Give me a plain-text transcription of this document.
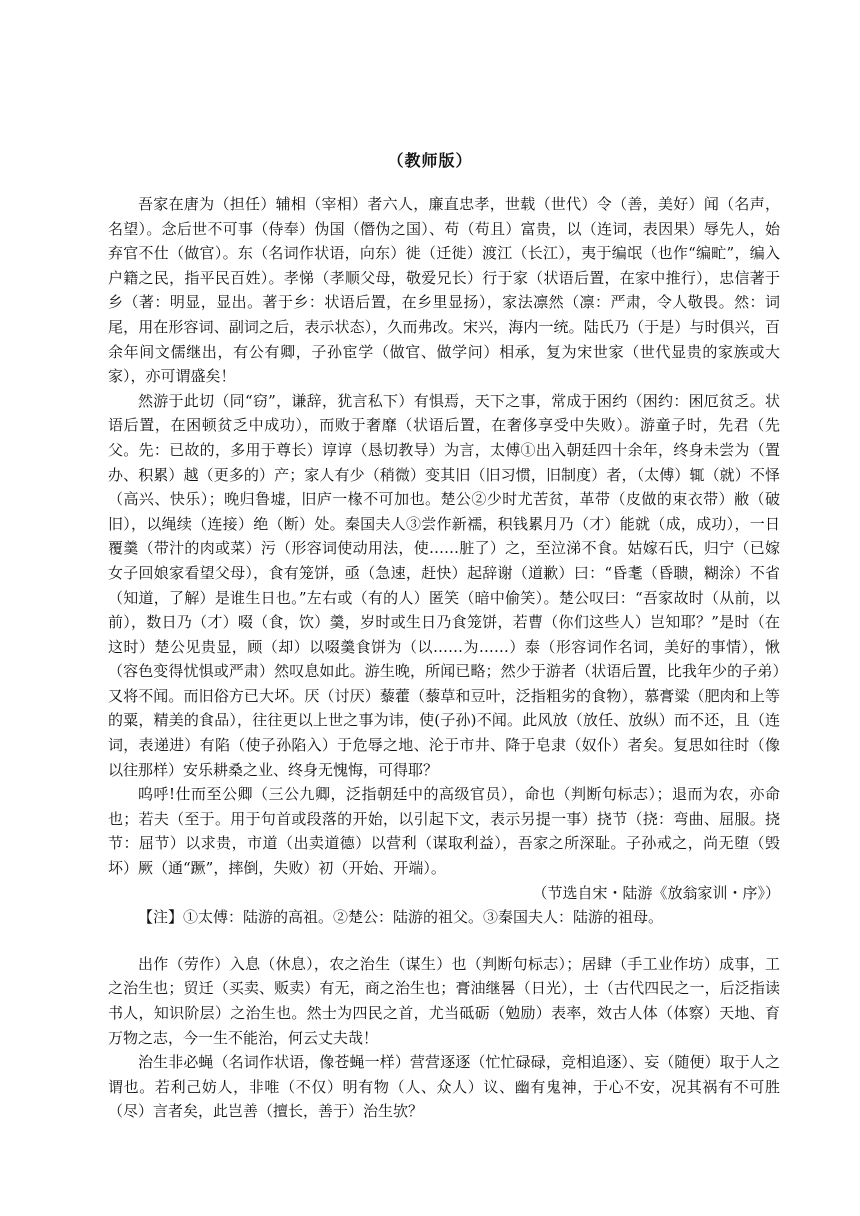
（教师版）

吾家在唐为（担任）辅相（宰相）者六人，廉直忠孝，世载（世代）令（善，美好）闻（名声，名望）。念后世不可事（侍奉）伪国（僭伪之国）、苟（苟且）富贵，以（连词，表因果）辱先人，始弃官不仕（做官）。东（名词作状语，向东）徙（迁徙）渡江（长江），夷于编氓（也作“编甿”，编入户籍之民，指平民百姓）。孝悌（孝顺父母，敬爱兄长）行于家（状语后置，在家中推行），忠信著于乡（著：明显，显出。著于乡：状语后置，在乡里显扬），家法凛然（凛：严肃，令人敬畏。然：词尾，用在形容词、副词之后，表示状态），久而弗改。宋兴，海内一统。陆氏乃（于是）与时俱兴，百余年间文儒继出，有公有卿，子孙宦学（做官、做学问）相承，复为宋世家（世代显贵的家族或大家），亦可谓盛矣！

然游于此切（同“窃”，谦辞，犹言私下）有惧焉，天下之事，常成于困约（困约：困厄贫乏。状语后置，在困顿贫乏中成功），而败于奢靡（状语后置，在奢侈享受中失败）。游童子时，先君（先父。先：已故的，多用于尊长）谆谆（恳切教导）为言，太傅①出入朝廷四十余年，终身未尝为（置办、积累）越（更多的）产；家人有少（稍微）变其旧（旧习惯，旧制度）者，（太傅）辄（就）不怿（高兴、快乐）；晚归鲁墟，旧庐一椽不可加也。楚公②少时尤苦贫，革带（皮做的束衣带）敝（破旧），以绳续（连接）绝（断）处。秦国夫人③尝作新襦，积钱累月乃（才）能就（成，成功），一日覆羹（带汁的肉或菜）污（形容词使动用法，使……脏了）之，至泣涕不食。姑嫁石氏，归宁（已嫁女子回娘家看望父母），食有笼饼，亟（急速，赶快）起辞谢（道歉）曰：“昏耄（昏聩，糊涂）不省（知道，了解）是谁生日也。”左右或（有的人）匿笑（暗中偷笑）。楚公叹曰：“吾家故时（从前，以前），数日乃（才）啜（食，饮）羹，岁时或生日乃食笼饼，若曹（你们这些人）岂知耶？”是时（在这时）楚公见贵显，顾（却）以啜羹食饼为（以……为……）泰（形容词作名词，美好的事情），愀（容色变得忧惧或严肃）然叹息如此。游生晚，所闻已略；然少于游者（状语后置，比我年少的子弟）又将不闻。而旧俗方已大坏。厌（讨厌）藜藿（藜草和豆叶，泛指粗劣的食物），慕膏粱（肥肉和上等的粟，精美的食品），往往更以上世之事为讳，使(子孙)不闻。此风放（放任、放纵）而不还，且（连词，表递进）有陷（使子孙陷入）于危辱之地、沦于市井、降于皂隶（奴仆）者矣。复思如往时（像以往那样）安乐耕桑之业、终身无愧悔，可得耶？

呜呼!仕而至公卿（三公九卿，泛指朝廷中的高级官员），命也（判断句标志）；退而为农，亦命也；若夫（至于。用于句首或段落的开始，以引起下文，表示另提一事）挠节（挠：弯曲、屈服。挠节：屈节）以求贵，市道（出卖道德）以营利（谋取利益），吾家之所深耻。子孙戒之，尚无堕（毁坏）厥（通“蹶”，摔倒，失败）初（开始、开端）。

（节选自宋・陆游《放翁家训・序》）

【注】①太傅：陆游的高祖。②楚公：陆游的祖父。③秦国夫人：陆游的祖母。

出作（劳作）入息（休息），农之治生（谋生）也（判断句标志）；居肆（手工业作坊）成事，工之治生也；贸迁（买卖、贩卖）有无，商之治生也；膏油继晷（日光），士（古代四民之一，后泛指读书人，知识阶层）之治生也。然士为四民之首，尤当砥砺（勉励）表率，效古人体（体察）天地、育万物之志，今一生不能治，何云丈夫哉！

治生非必蝇（名词作状语，像苍蝇一样）营营逐逐（忙忙碌碌，竞相追逐）、妄（随便）取于人之谓也。若利己妨人，非唯（不仅）明有物（人、众人）议、幽有鬼神，于心不安，况其祸有不可胜（尽）言者矣，此岂善（擅长，善于）治生欤？
